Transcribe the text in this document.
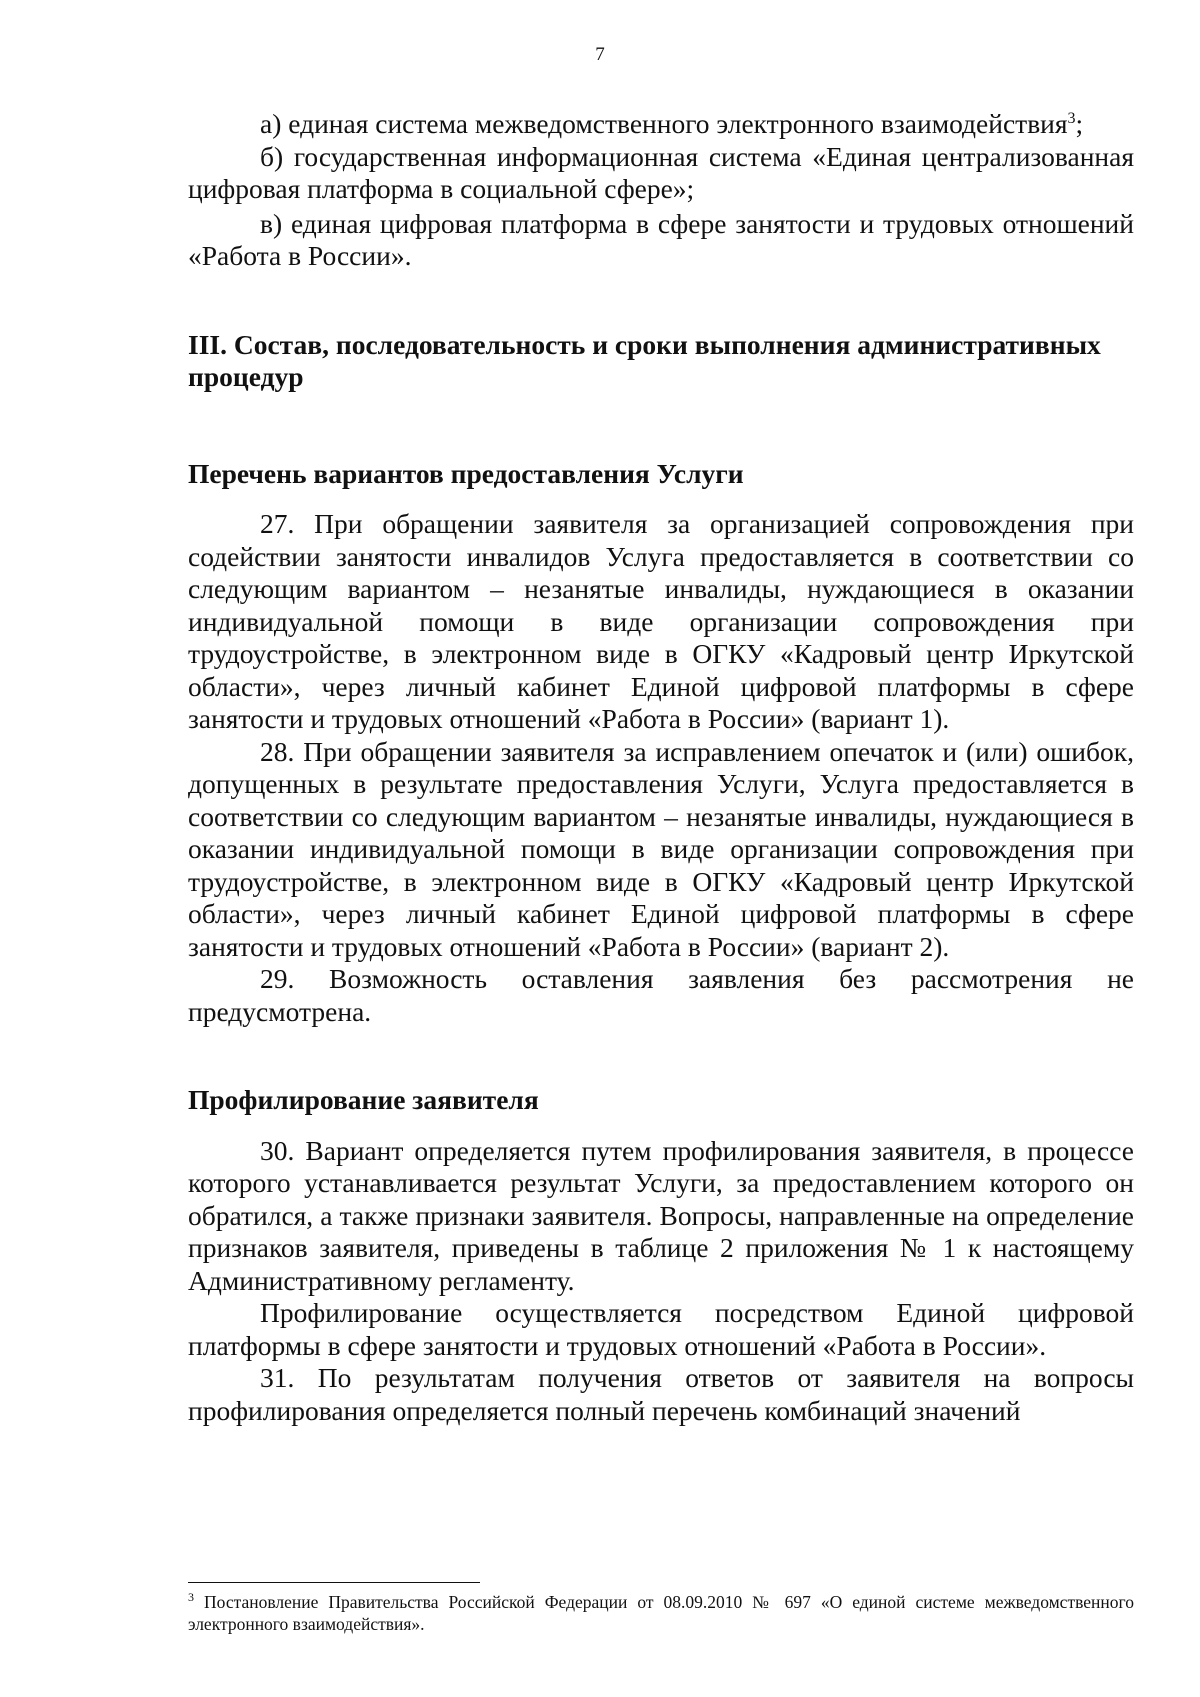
7

а) единая система межведомственного электронного взаимодействия$^3$;

б) государственная информационная система «Единая централизованная цифровая платформа в социальной сфере»;

в) единая цифровая платформа в сфере занятости и трудовых отношений «Работа в России».

III. Состав, последовательность и сроки выполнения административных
процедур

Перечень вариантов предоставления Услуги

27. При обращении заявителя за организацией сопровождения при содействии занятости инвалидов Услуга предоставляется в соответствии со следующим вариантом – незанятые инвалиды, нуждающиеся в оказании индивидуальной помощи в виде организации сопровождения при трудоустройстве, в электронном виде в ОГКУ «Кадровый центр Иркутской области», через личный кабинет Единой цифровой платформы в сфере занятости и трудовых отношений «Работа в России» (вариант 1).

28. При обращении заявителя за исправлением опечаток и (или) ошибок, допущенных в результате предоставления Услуги, Услуга предоставляется в соответствии со следующим вариантом – незанятые инвалиды, нуждающиеся в оказании индивидуальной помощи в виде организации сопровождения при трудоустройстве, в электронном виде в ОГКУ «Кадровый центр Иркутской области», через личный кабинет Единой цифровой платформы в сфере занятости и трудовых отношений «Работа в России» (вариант 2).

29. Возможность оставления заявления без рассмотрения не предусмотрена.

Профилирование заявителя

30. Вариант определяется путем профилирования заявителя, в процессе которого устанавливается результат Услуги, за предоставлением которого он обратился, а также признаки заявителя. Вопросы, направленные на определение признаков заявителя, приведены в таблице 2 приложения № 1 к настоящему Административному регламенту.

Профилирование осуществляется посредством Единой цифровой платформы в сфере занятости и трудовых отношений «Работа в России».

31. По результатам получения ответов от заявителя на вопросы профилирования определяется полный перечень комбинаций значений

$^3$ Постановление Правительства Российской Федерации от 08.09.2010 № 697 «О единой системе межведомственного электронного взаимодействия».
